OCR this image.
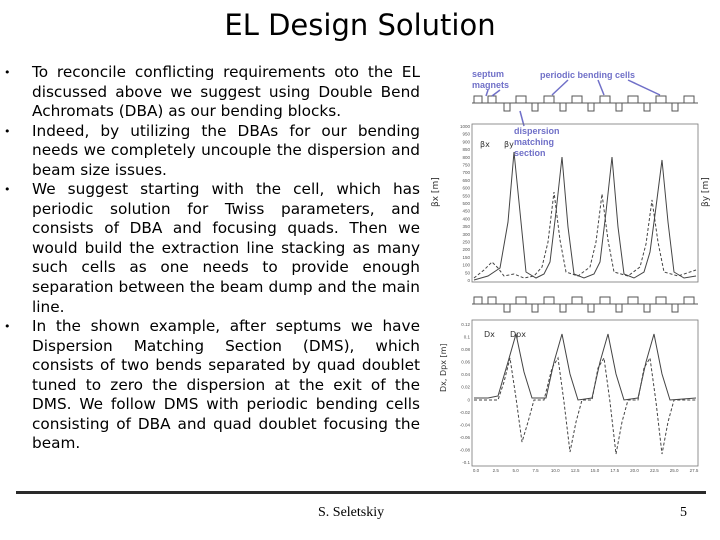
EL Design Solution
• To reconcile conflicting requirements oto the EL discussed above we suggest using Double Bend Achromats (DBA) as our bending blocks.
• Indeed, by utilizing the DBAs for our bending needs we completely uncouple the dispersion and beam size issues.
• We suggest starting with the cell, which has periodic solution for Twiss parameters, and consists of DBA and focusing quads. Then we would build the extraction line stacking as many such cells as one needs to provide enough separation between the beam dump and the main line.
• In the shown example, after septums we have Dispersion Matching Section (DMS), which consists of two bends separated by quad doublet tuned to zero the dispersion at the exit of the DMS. We follow DMS with periodic bending cells consisting of DBA and quad doublet focusing the beam.
septum
magnets
periodic bending cells
dispersion
matching
section
βx [m]	βy [m]
βx βy
1000
950
900
850
800
750
700
650
600
550
500
450
400
350
300
250
200
150
100
50
0
Dx, Dpx [m]
Dx Dpx
0.12
0.1
0.08
0.06
0.04
0.02
0
-0.02
-0.04
-0.06
-0.08
-0.1
0.0	2.5	5.0	7.5	10.0 12.5 15.0 17.5 20.0 22.5 25.0 27.5
S. Seletskiy	5
